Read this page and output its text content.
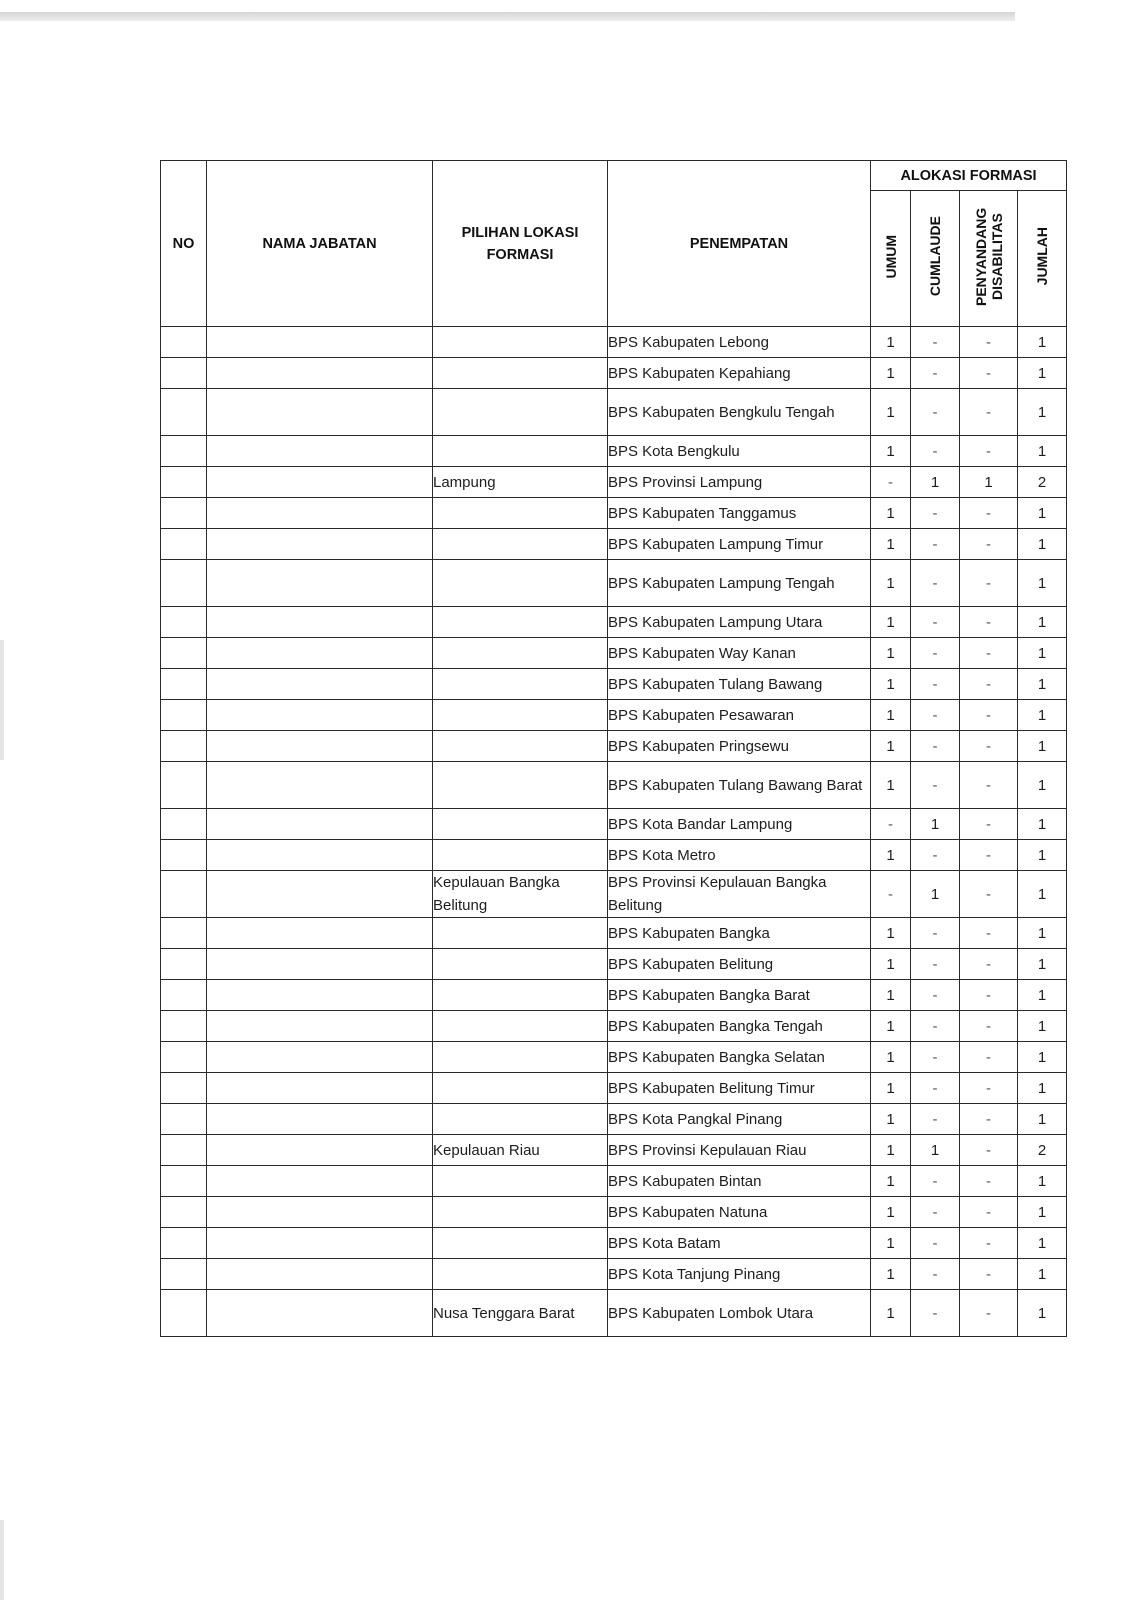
NO	NAMA JABATAN	PILIHAN LOKASI FORMASI	PENEMPATAN	ALOKASI FORMASI			
				UMUM	CUMLAUDE	PENYANDANG DISABILITAS	JUMLAH
			BPS Kabupaten Lebong	1	-	-	1
			BPS Kabupaten Kepahiang	1	-	-	1
			BPS Kabupaten Bengkulu Tengah	1	-	-	1
			BPS Kota Bengkulu	1	-	-	1
		Lampung	BPS Provinsi Lampung	-	1	1	2
			BPS Kabupaten Tanggamus	1	-	-	1
			BPS Kabupaten Lampung Timur	1	-	-	1
			BPS Kabupaten Lampung Tengah	1	-	-	1
			BPS Kabupaten Lampung Utara	1	-	-	1
			BPS Kabupaten Way Kanan	1	-	-	1
			BPS Kabupaten Tulang Bawang	1	-	-	1
			BPS Kabupaten Pesawaran	1	-	-	1
			BPS Kabupaten Pringsewu	1	-	-	1
			BPS Kabupaten Tulang Bawang Barat	1	-	-	1
			BPS Kota Bandar Lampung	-	1	-	1
			BPS Kota Metro	1	-	-	1
		Kepulauan Bangka Belitung	BPS Provinsi Kepulauan Bangka Belitung	-	1	-	1
			BPS Kabupaten Bangka	1	-	-	1
			BPS Kabupaten Belitung	1	-	-	1
			BPS Kabupaten Bangka Barat	1	-	-	1
			BPS Kabupaten Bangka Tengah	1	-	-	1
			BPS Kabupaten Bangka Selatan	1	-	-	1
			BPS Kabupaten Belitung Timur	1	-	-	1
			BPS Kota Pangkal Pinang	1	-	-	1
		Kepulauan Riau	BPS Provinsi Kepulauan Riau	1	1	-	2
			BPS Kabupaten Bintan	1	-	-	1
			BPS Kabupaten Natuna	1	-	-	1
			BPS Kota Batam	1	-	-	1
			BPS Kota Tanjung Pinang	1	-	-	1
		Nusa Tenggara Barat	BPS Kabupaten Lombok Utara	1	-	-	1
